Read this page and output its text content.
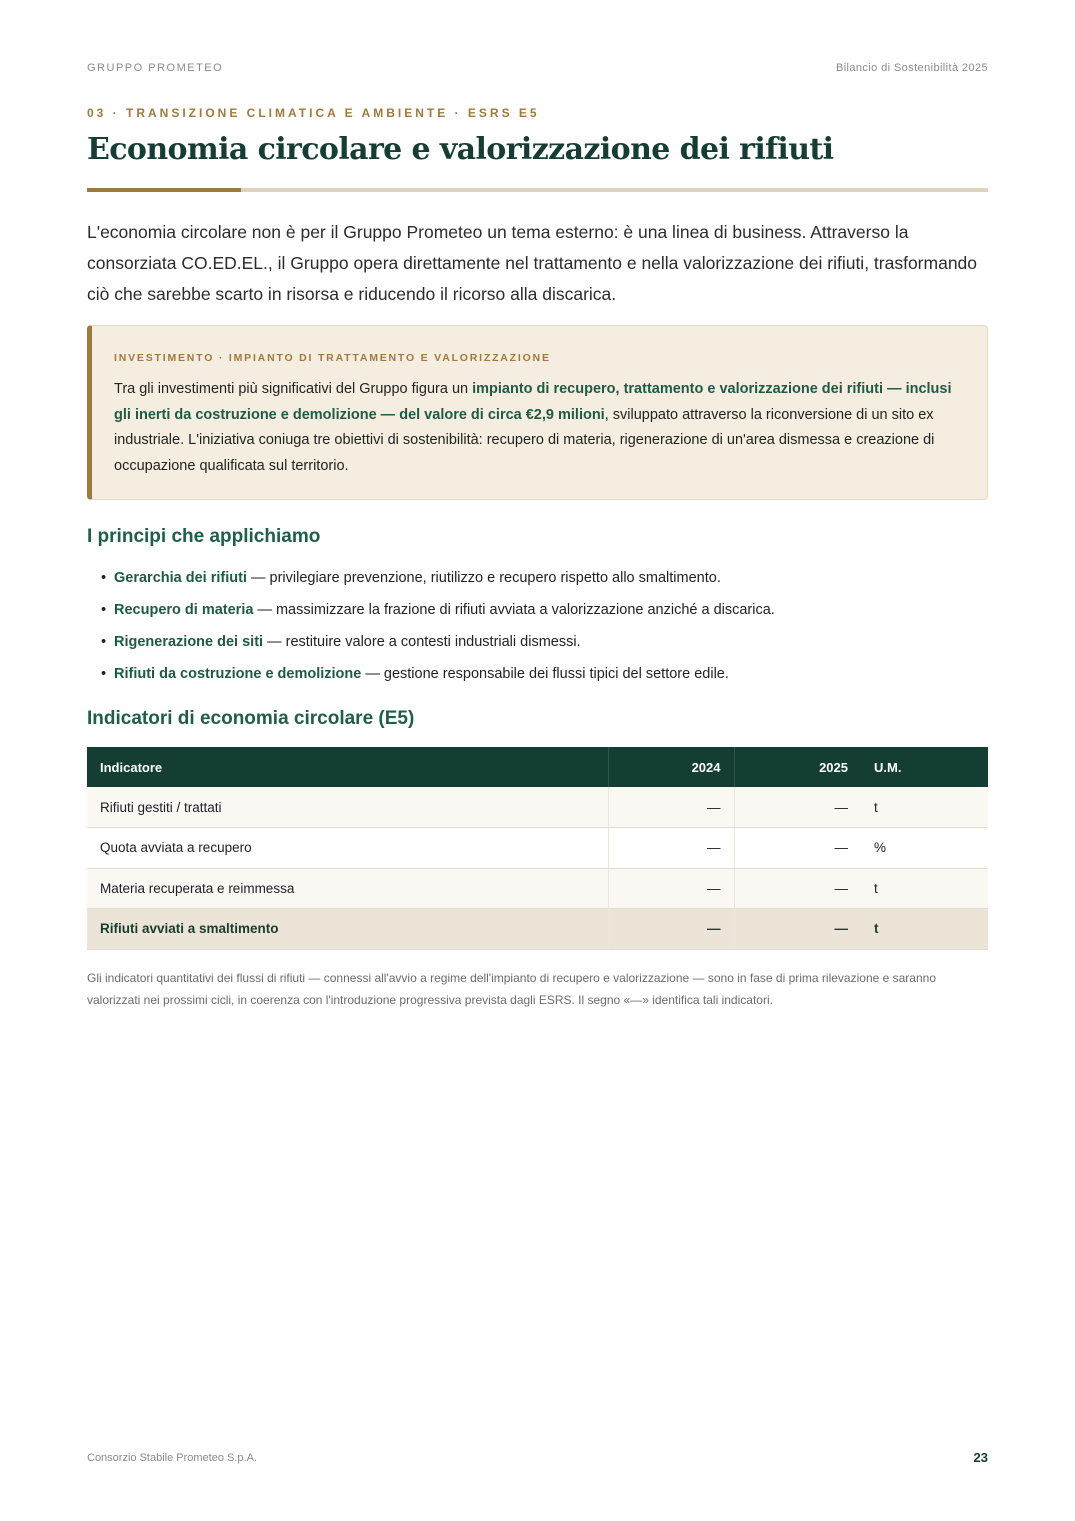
GRUPPO PROMETEO	Bilancio di Sostenibilità 2025
03 · TRANSIZIONE CLIMATICA E AMBIENTE · ESRS E5
Economia circolare e valorizzazione dei rifiuti

L'economia circolare non è per il Gruppo Prometeo un tema esterno: è una linea di business. Attraverso la consorziata CO.ED.EL., il Gruppo opera direttamente nel trattamento e nella valorizzazione dei rifiuti, trasformando ciò che sarebbe scarto in risorsa e riducendo il ricorso alla discarica.

INVESTIMENTO · IMPIANTO DI TRATTAMENTO E VALORIZZAZIONE

Tra gli investimenti più significativi del Gruppo figura un impianto di recupero, trattamento e valorizzazione dei rifiuti — inclusi gli inerti da costruzione e demolizione — del valore di circa €2,9 milioni, sviluppato attraverso la riconversione di un sito ex industriale. L'iniziativa coniuga tre obiettivi di sostenibilità: recupero di materia, rigenerazione di un'area dismessa e creazione di occupazione qualificata sul territorio.

I principi che applichiamo
• Gerarchia dei rifiuti — privilegiare prevenzione, riutilizzo e recupero rispetto allo smaltimento.
• Recupero di materia — massimizzare la frazione di rifiuti avviata a valorizzazione anziché a discarica.
• Rigenerazione dei siti — restituire valore a contesti industriali dismessi.
• Rifiuti da costruzione e demolizione — gestione responsabile dei flussi tipici del settore edile.
Indicatori di economia circolare (E5)
Indicatore	2024	2025	U.M.
Rifiuti gestiti / trattati	—	—	t
Quota avviata a recupero	—	—	%
Materia recuperata e reimmessa	—	—	t
Rifiuti avviati a smaltimento	—	—	t

Gli indicatori quantitativi dei flussi di rifiuti — connessi all'avvio a regime dell'impianto di recupero e valorizzazione — sono in fase di prima rilevazione e saranno valorizzati nei prossimi cicli, in coerenza con l'introduzione progressiva prevista dagli ESRS. Il segno «—» identifica tali indicatori.

Consorzio Stabile Prometeo S.p.A.	23
